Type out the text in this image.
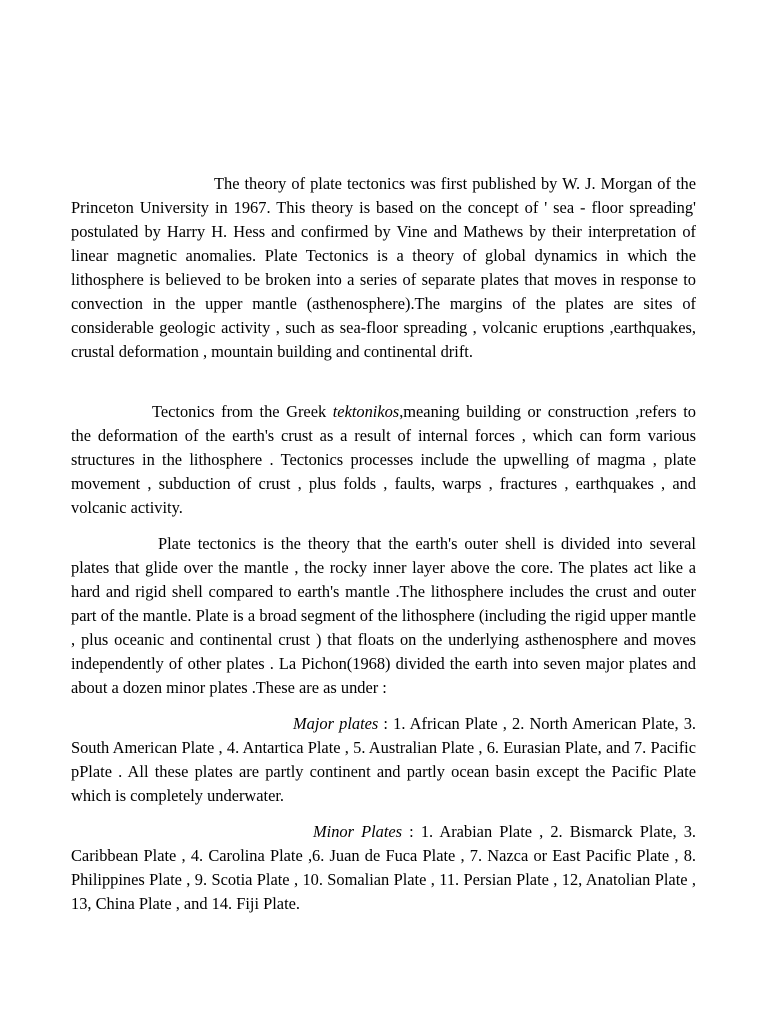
The theory of plate tectonics was first published by W. J. Morgan of the Princeton University in 1967. This theory is based on the concept of ' sea - floor spreading' postulated by Harry H. Hess and confirmed by Vine and Mathews by their interpretation of linear magnetic anomalies. Plate Tectonics is a theory of global dynamics in which the lithosphere is believed to be broken into a series of separate plates that moves in response to convection in the upper mantle (asthenosphere).The margins of the plates are sites of considerable geologic activity , such as sea-floor spreading , volcanic eruptions ,earthquakes, crustal deformation , mountain building and continental drift.

Tectonics from the Greek tektonikos,meaning building or construction ,refers to the deformation of the earth's crust as a result of internal forces , which can form various structures in the lithosphere . Tectonics processes include the upwelling of magma , plate movement , subduction of crust , plus folds , faults, warps , fractures , earthquakes , and volcanic activity.

Plate tectonics is the theory that the earth's outer shell is divided into several plates that glide over the mantle , the rocky inner layer above the core. The plates act like a hard and rigid shell compared to earth's mantle .The lithosphere includes the crust and outer part of the mantle. Plate is a broad segment of the lithosphere (including the rigid upper mantle , plus oceanic and continental crust ) that floats on the underlying asthenosphere and moves independently of other plates . La Pichon(1968) divided the earth into seven major plates and about a dozen minor plates .These are as under :

Major plates : 1. African Plate , 2. North American Plate, 3. South American Plate , 4. Antartica Plate , 5. Australian Plate , 6. Eurasian Plate, and 7. Pacific pPlate . All these plates are partly continent and partly ocean basin except the Pacific Plate which is completely underwater.

Minor Plates : 1. Arabian Plate , 2. Bismarck Plate, 3. Caribbean Plate , 4. Carolina Plate ,6. Juan de Fuca Plate , 7. Nazca or East Pacific Plate , 8. Philippines Plate , 9. Scotia Plate , 10. Somalian Plate , 11. Persian Plate , 12, Anatolian Plate , 13, China Plate , and 14. Fiji Plate.
